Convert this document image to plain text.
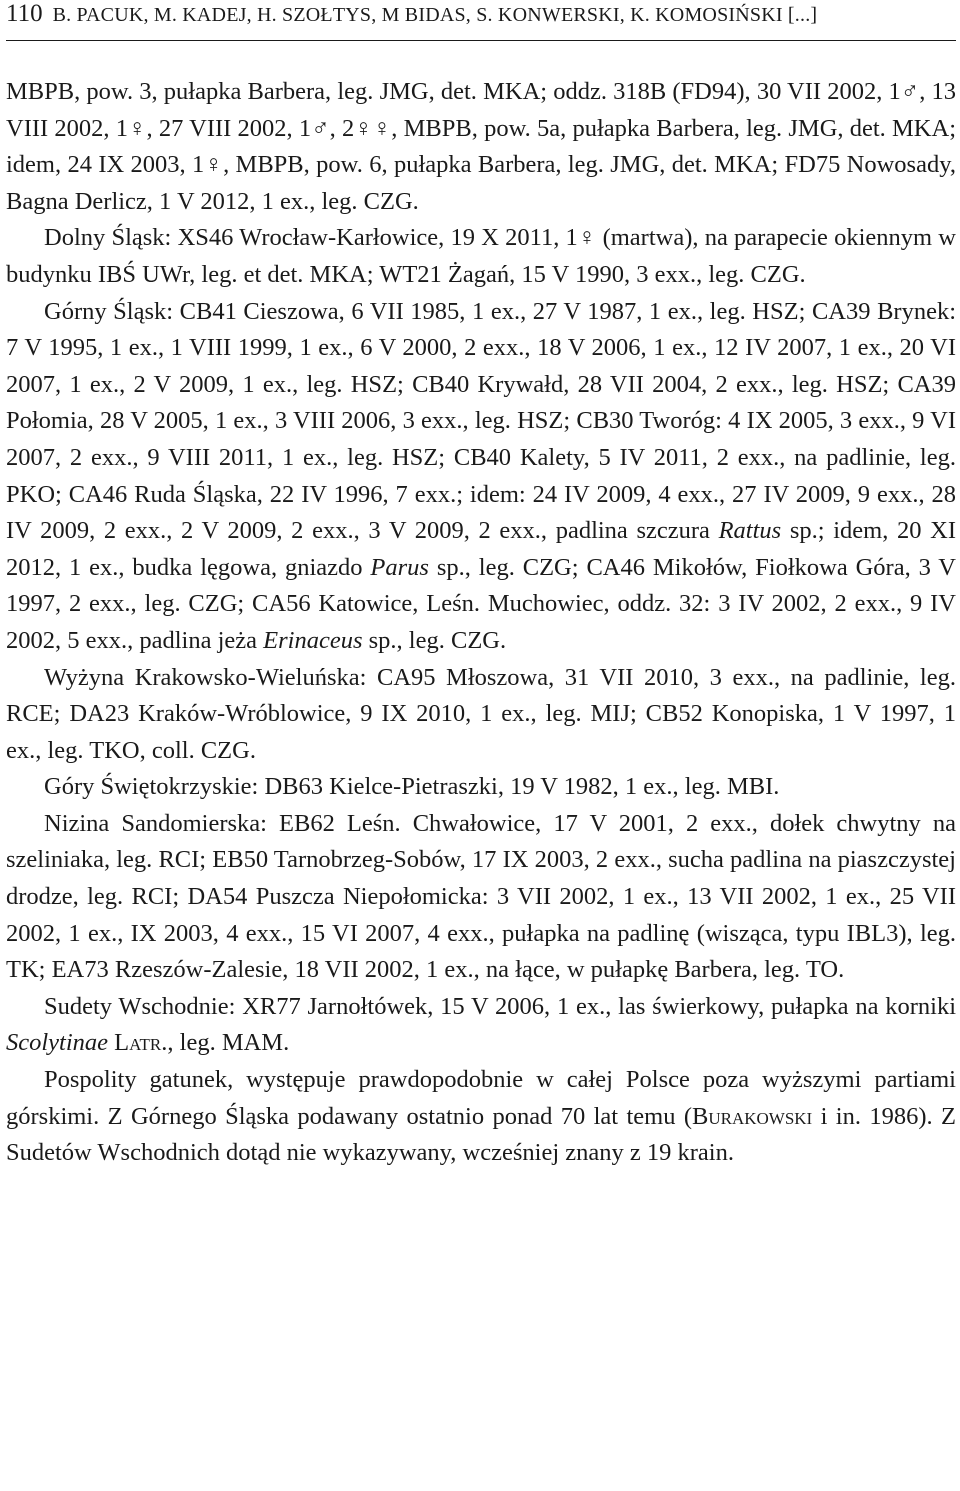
110 B. PACUK, M. KADEJ, H. SZOŁTYS, M BIDAS, S. KONWERSKI, K. KOMOSIŃSKI [...]

MBPB, pow. 3, pułapka Barbera, leg. JMG, det. MKA; oddz. 318B (FD94), 30 VII 2002, 1♂, 13 VIII 2002, 1♀, 27 VIII 2002, 1♂, 2♀♀, MBPB, pow. 5a, pułapka Barbera, leg. JMG, det. MKA; idem, 24 IX 2003, 1♀, MBPB, pow. 6, pułapka Barbera, leg. JMG, det. MKA; FD75 Nowosady, Bagna Derlicz, 1 V 2012, 1 ex., leg. CZG.

Dolny Śląsk: XS46 Wrocław-Karłowice, 19 X 2011, 1♀ (martwa), na parapecie okiennym w budynku IBŚ UWr, leg. et det. MKA; WT21 Żagań, 15 V 1990, 3 exx., leg. CZG.

Górny Śląsk: CB41 Cieszowa, 6 VII 1985, 1 ex., 27 V 1987, 1 ex., leg. HSZ; CA39 Brynek: 7 V 1995, 1 ex., 1 VIII 1999, 1 ex., 6 V 2000, 2 exx., 18 V 2006, 1 ex., 12 IV 2007, 1 ex., 20 VI 2007, 1 ex., 2 V 2009, 1 ex., leg. HSZ; CB40 Krywałd, 28 VII 2004, 2 exx., leg. HSZ; CA39 Połomia, 28 V 2005, 1 ex., 3 VIII 2006, 3 exx., leg. HSZ; CB30 Tworóg: 4 IX 2005, 3 exx., 9 VI 2007, 2 exx., 9 VIII 2011, 1 ex., leg. HSZ; CB40 Kalety, 5 IV 2011, 2 exx., na padlinie, leg. PKO; CA46 Ruda Śląska, 22 IV 1996, 7 exx.; idem: 24 IV 2009, 4 exx., 27 IV 2009, 9 exx., 28 IV 2009, 2 exx., 2 V 2009, 2 exx., 3 V 2009, 2 exx., padlina szczura Rattus sp.; idem, 20 XI 2012, 1 ex., budka lęgowa, gniazdo Parus sp., leg. CZG; CA46 Mikołów, Fiołkowa Góra, 3 V 1997, 2 exx., leg. CZG; CA56 Katowice, Leśn. Muchowiec, oddz. 32: 3 IV 2002, 2 exx., 9 IV 2002, 5 exx., padlina jeża Erinaceus sp., leg. CZG.

Wyżyna Krakowsko-Wieluńska: CA95 Młoszowa, 31 VII 2010, 3 exx., na padlinie, leg. RCE; DA23 Kraków-Wróblowice, 9 IX 2010, 1 ex., leg. MIJ; CB52 Konopiska, 1 V 1997, 1 ex., leg. TKO, coll. CZG.

Góry Świętokrzyskie: DB63 Kielce-Pietraszki, 19 V 1982, 1 ex., leg. MBI.

Nizina Sandomierska: EB62 Leśn. Chwałowice, 17 V 2001, 2 exx., dołek chwytny na szeliniaka, leg. RCI; EB50 Tarnobrzeg-Sobów, 17 IX 2003, 2 exx., sucha padlina na piaszczystej drodze, leg. RCI; DA54 Puszcza Niepołomicka: 3 VII 2002, 1 ex., 13 VII 2002, 1 ex., 25 VII 2002, 1 ex., IX 2003, 4 exx., 15 VI 2007, 4 exx., pułapka na padlinę (wisząca, typu IBL3), leg. TK; EA73 Rzeszów-Zalesie, 18 VII 2002, 1 ex., na łące, w pułapkę Barbera, leg. TO.

Sudety Wschodnie: XR77 Jarnołtówek, 15 V 2006, 1 ex., las świerkowy, pułapka na korniki Scolytinae Latr., leg. MAM.

Pospolity gatunek, występuje prawdopodobnie w całej Polsce poza wyższymi partiami górskimi. Z Górnego Śląska podawany ostatnio ponad 70 lat temu (Burakowski i in. 1986). Z Sudetów Wschodnich dotąd nie wykazywany, wcześniej znany z 19 krain.
